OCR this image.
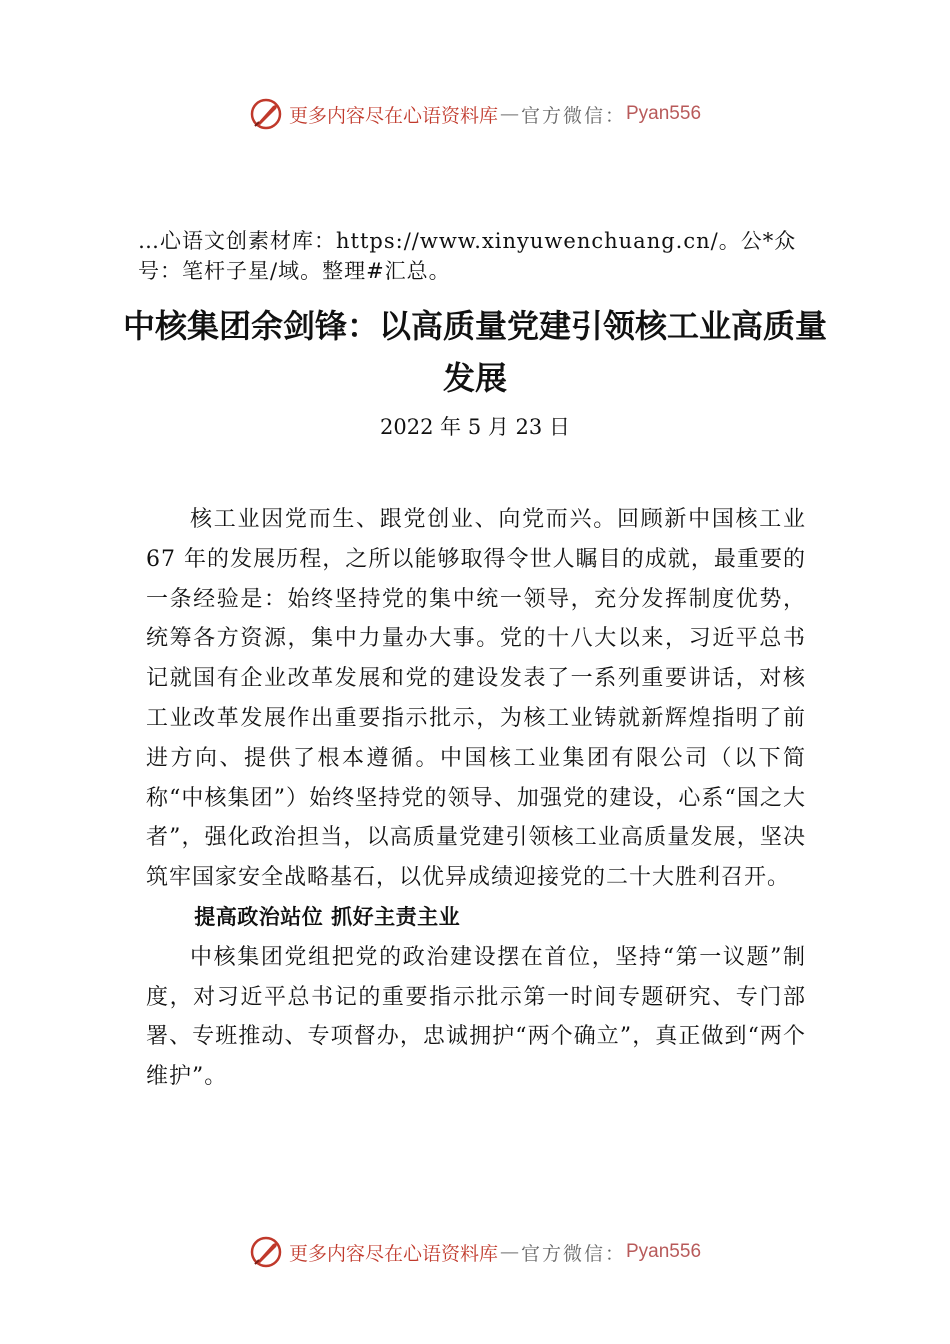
更多内容尽在心语资料库 — 官方微信： Pyan556
…心语文创素材库：https://www.xinyuwenchuang.cn/。公*众号：笔杆子星/域。整理#汇总。
中核集团余剑锋：以高质量党建引领核工业高质量发展
2022 年 5 月 23 日

核工业因党而生、跟党创业、向党而兴。回顾新中国核工业 67 年的发展历程，之所以能够取得令世人瞩目的成就，最重要的一条经验是：始终坚持党的集中统一领导，充分发挥制度优势，统筹各方资源，集中力量办大事。党的十八大以来，习近平总书记就国有企业改革发展和党的建设发表了一系列重要讲话，对核工业改革发展作出重要指示批示，为核工业铸就新辉煌指明了前进方向、提供了根本遵循。中国核工业集团有限公司（以下简称“中核集团”）始终坚持党的领导、加强党的建设，心系“国之大者”，强化政治担当，以高质量党建引领核工业高质量发展，坚决筑牢国家安全战略基石，以优异成绩迎接党的二十大胜利召开。

提高政治站位 抓好主责主业

中核集团党组把党的政治建设摆在首位，坚持“第一议题”制度，对习近平总书记的重要指示批示第一时间专题研究、专门部署、专班推动、专项督办，忠诚拥护“两个确立”，真正做到“两个维护”。

更多内容尽在心语资料库 — 官方微信： Pyan556
